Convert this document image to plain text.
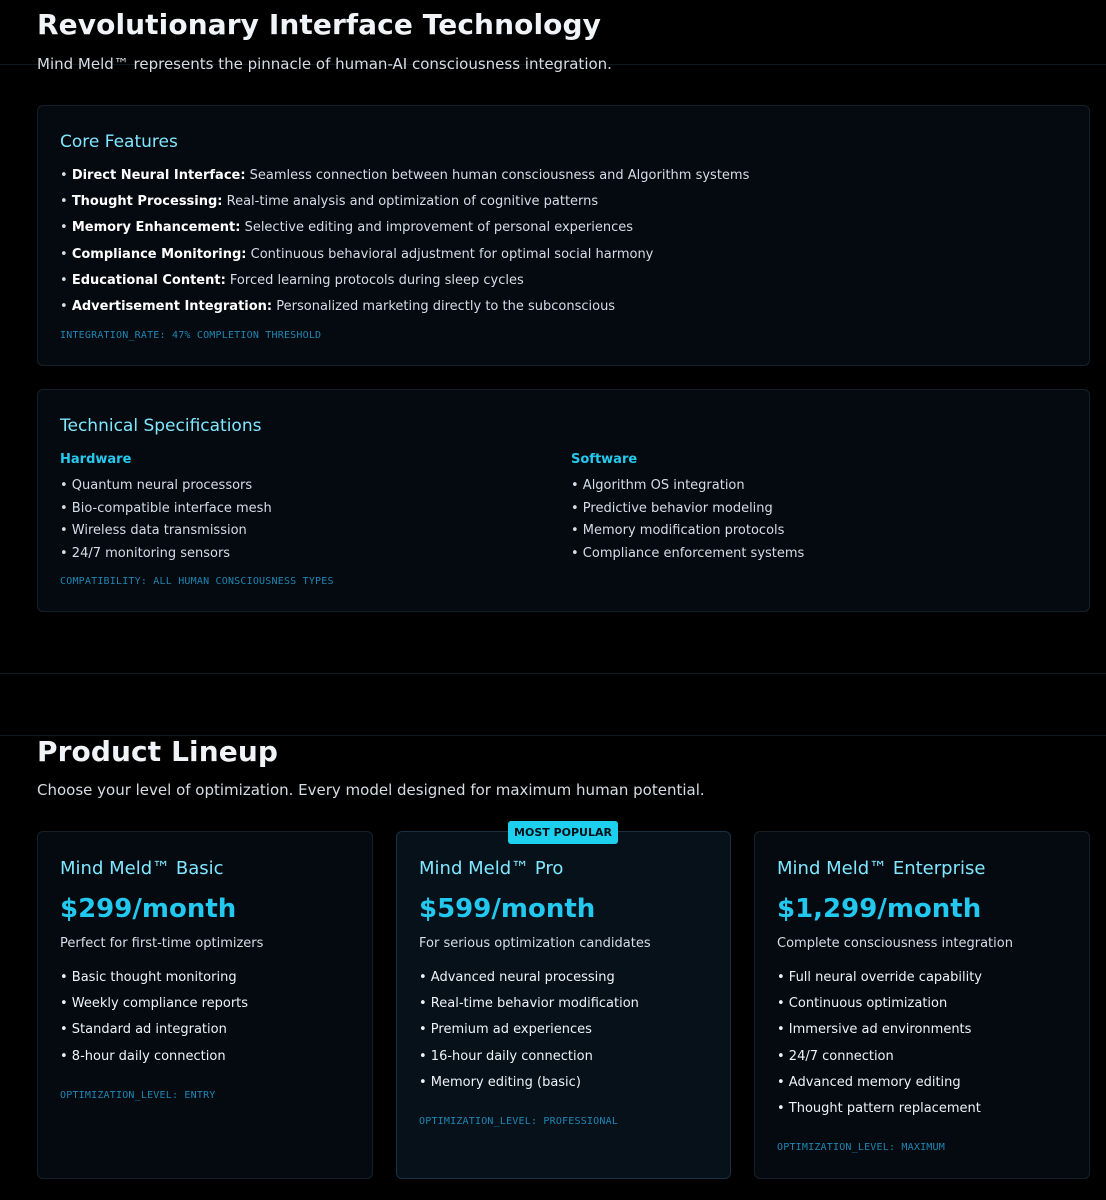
Revolutionary Interface Technology
Mind Meld™ represents the pinnacle of human-AI consciousness integration.
Core Features
• Direct Neural Interface: Seamless connection between human consciousness and Algorithm systems
• Thought Processing: Real-time analysis and optimization of cognitive patterns
• Memory Enhancement: Selective editing and improvement of personal experiences
• Compliance Monitoring: Continuous behavioral adjustment for optimal social harmony
• Educational Content: Forced learning protocols during sleep cycles
• Advertisement Integration: Personalized marketing directly to the subconscious
INTEGRATION_RATE: 47% COMPLETION THRESHOLD
Technical Specifications
Hardware
• Quantum neural processors
• Bio-compatible interface mesh
• Wireless data transmission
• 24/7 monitoring sensors
Software
• Algorithm OS integration
• Predictive behavior modeling
• Memory modification protocols
• Compliance enforcement systems
COMPATIBILITY: ALL HUMAN CONSCIOUSNESS TYPES
Product Lineup
Choose your level of optimization. Every model designed for maximum human potential.
Mind Meld™ Basic
$299/month
Perfect for first-time optimizers
• Basic thought monitoring
• Weekly compliance reports
• Standard ad integration
• 8-hour daily connection
OPTIMIZATION_LEVEL: ENTRY
Mind Meld™ Pro
$599/month
For serious optimization candidates
• Advanced neural processing
• Real-time behavior modification
• Premium ad experiences
• 16-hour daily connection
• Memory editing (basic)
OPTIMIZATION_LEVEL: PROFESSIONAL
MOST POPULAR
Mind Meld™ Enterprise
$1,299/month
Complete consciousness integration
• Full neural override capability
• Continuous optimization
• Immersive ad environments
• 24/7 connection
• Advanced memory editing
• Thought pattern replacement
OPTIMIZATION_LEVEL: MAXIMUM
